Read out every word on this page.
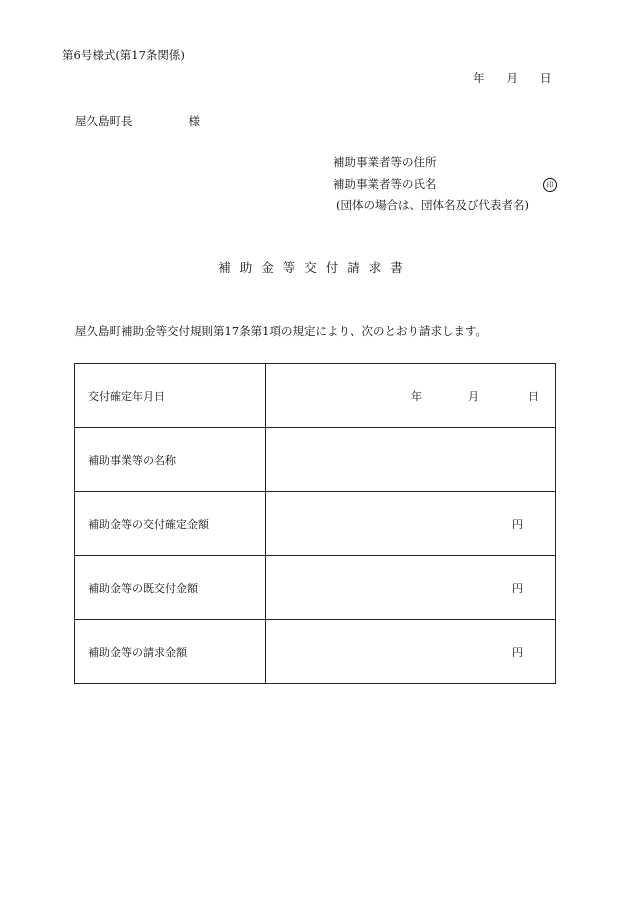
第6号様式(第17条関係)
年 月 日
屋久島町長	様
補助事業者等の住所
補助事業者等の氏名	印
(団体の場合は、団体名及び代表者名)
補助金等交付請求書
屋久島町補助金等交付規則第17条第1項の規定により、次のとおり請求します。
交付確定年月日	年 月 日

補助事業等の名称	
補助金等の交付確定金額	円

補助金等の既交付金額	円

補助金等の請求金額	円
